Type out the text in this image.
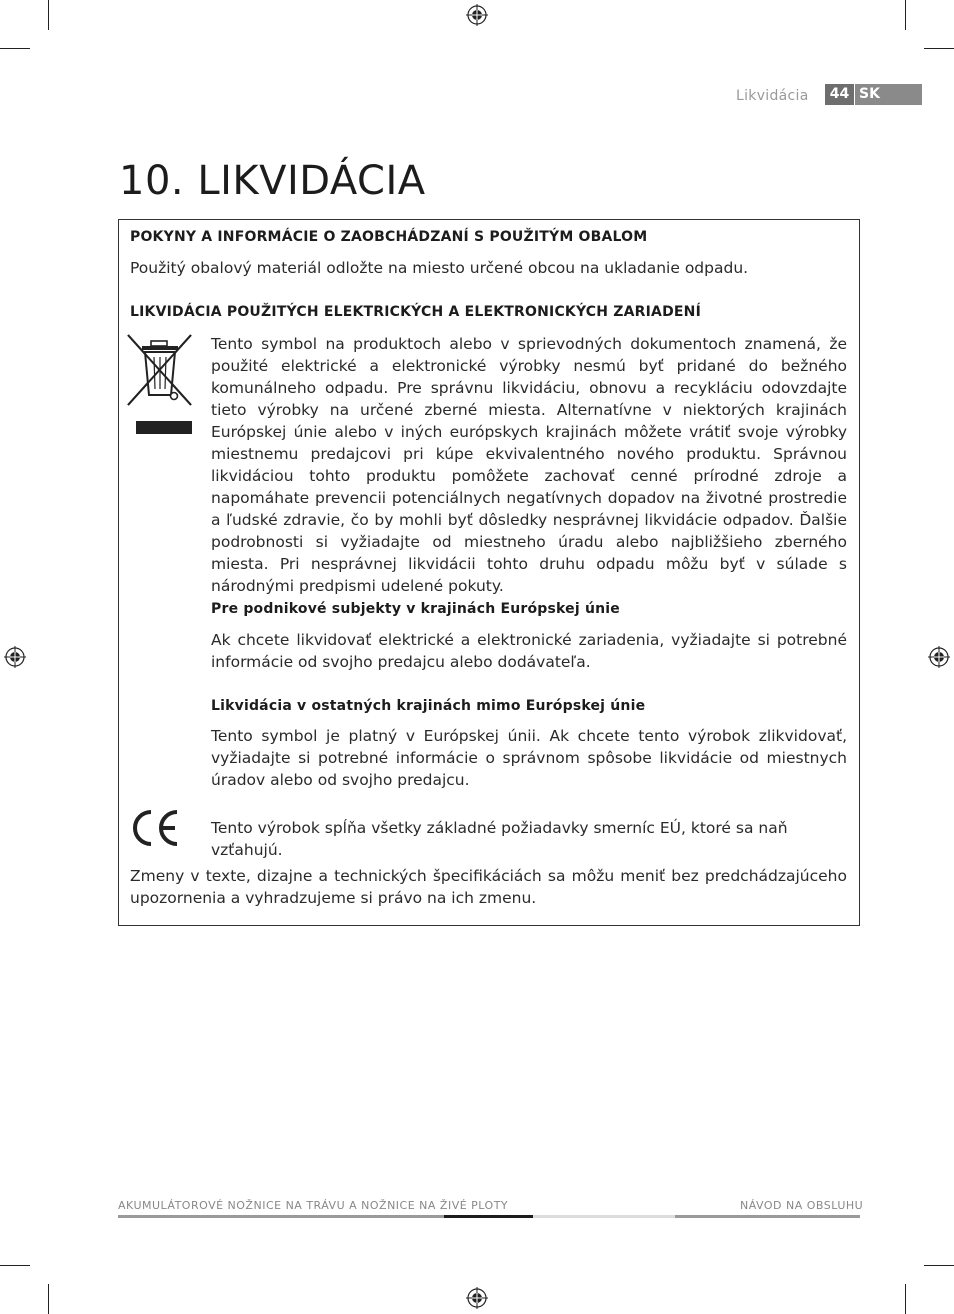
Likvidácia	44 SK
10. LIKVIDÁCIA
POKYNY A INFORMÁCIE O ZAOBCHÁDZANÍ S POUŽITÝM OBALOM

Použitý obalový materiál odložte na miesto určené obcou na ukladanie odpadu.

LIKVIDÁCIA POUŽITÝCH ELEKTRICKÝCH A ELEKTRONICKÝCH ZARIADENÍ

Tento symbol na produktoch alebo v sprievodných dokumentoch znamená, že použité elektrické a elektronické výrobky nesmú byť pridané do bežného komunálneho odpadu. Pre správnu likvidáciu, obnovu a recykláciu odovzdajte tieto výrobky na určené zberné miesta. Alternatívne v niektorých krajinách Európskej únie alebo v iných európskych krajinách môžete vrátiť svoje výrobky miestnemu predajcovi pri kúpe ekvivalentného nového produktu. Správnou likvidáciou tohto produktu pomôžete zachovať cenné prírodné zdroje a napomáhate prevencii potenciálnych negatívnych dopadov na životné prostredie a ľudské zdravie, čo by mohli byť dôsledky nesprávnej likvidácie odpadov. Ďalšie podrobnosti si vyžiadajte od miestneho úradu alebo najbližšieho zberného miesta. Pri nesprávnej likvidácii tohto druhu odpadu môžu byť v súlade s národnými predpismi udelené pokuty.

Pre podnikové subjekty v krajinách Európskej únie

Ak chcete likvidovať elektrické a elektronické zariadenia, vyžiadajte si potrebné informácie od svojho predajcu alebo dodávateľa.

Likvidácia v ostatných krajinách mimo Európskej únie

Tento symbol je platný v Európskej únii. Ak chcete tento výrobok zlikvidovať, vyžiadajte si potrebné informácie o správnom spôsobe likvidácie od miestnych úradov alebo od svojho predajcu.

Tento výrobok spĺňa všetky základné požiadavky smerníc EÚ, ktoré sa naň vzťahujú.

Zmeny v texte, dizajne a technických špecifikáciách sa môžu meniť bez predchádzajúceho upozornenia a vyhradzujeme si právo na ich zmenu.

AKUMULÁTOROVÉ NOŽNICE NA TRÁVU A NOŽNICE NA ŽIVÉ PLOTY	NÁVOD NA OBSLUHU
